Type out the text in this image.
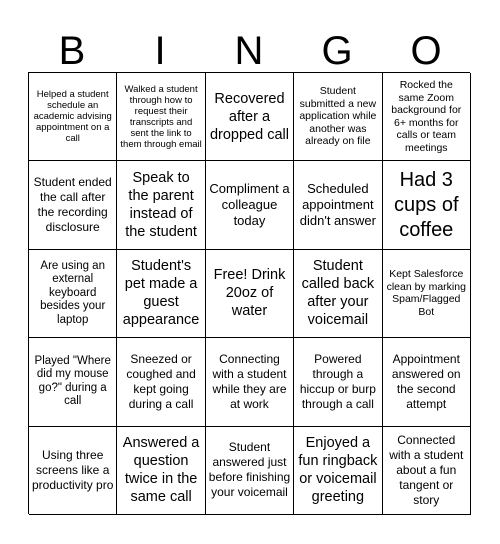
B	I	N	G	O
Helped a student schedule an academic advising appointment on a call
Walked a student through how to request their transcripts and sent the link to them through email
Recovered after a dropped call
Student submitted a new application while another was already on file
Rocked the same Zoom background for 6+ months for calls or team meetings
Student ended the call after the recording disclosure
Speak to the parent instead of the student
Compliment a colleague today
Scheduled appointment didn't answer
Had 3 cups of coffee
Are using an external keyboard besides your laptop
Student's pet made a guest appearance
Free! Drink 20oz of water
Student called back after your voicemail
Kept Salesforce clean by marking Spam/Flagged Bot
Played "Where did my mouse go?" during a call
Sneezed or coughed and kept going during a call
Connecting with a student while they are at work
Powered through a hiccup or burp through a call
Appointment answered on the second attempt
Using three screens like a productivity pro
Answered a question twice in the same call
Student answered just before finishing your voicemail
Enjoyed a fun ringback or voicemail greeting
Connected with a student about a fun tangent or story
